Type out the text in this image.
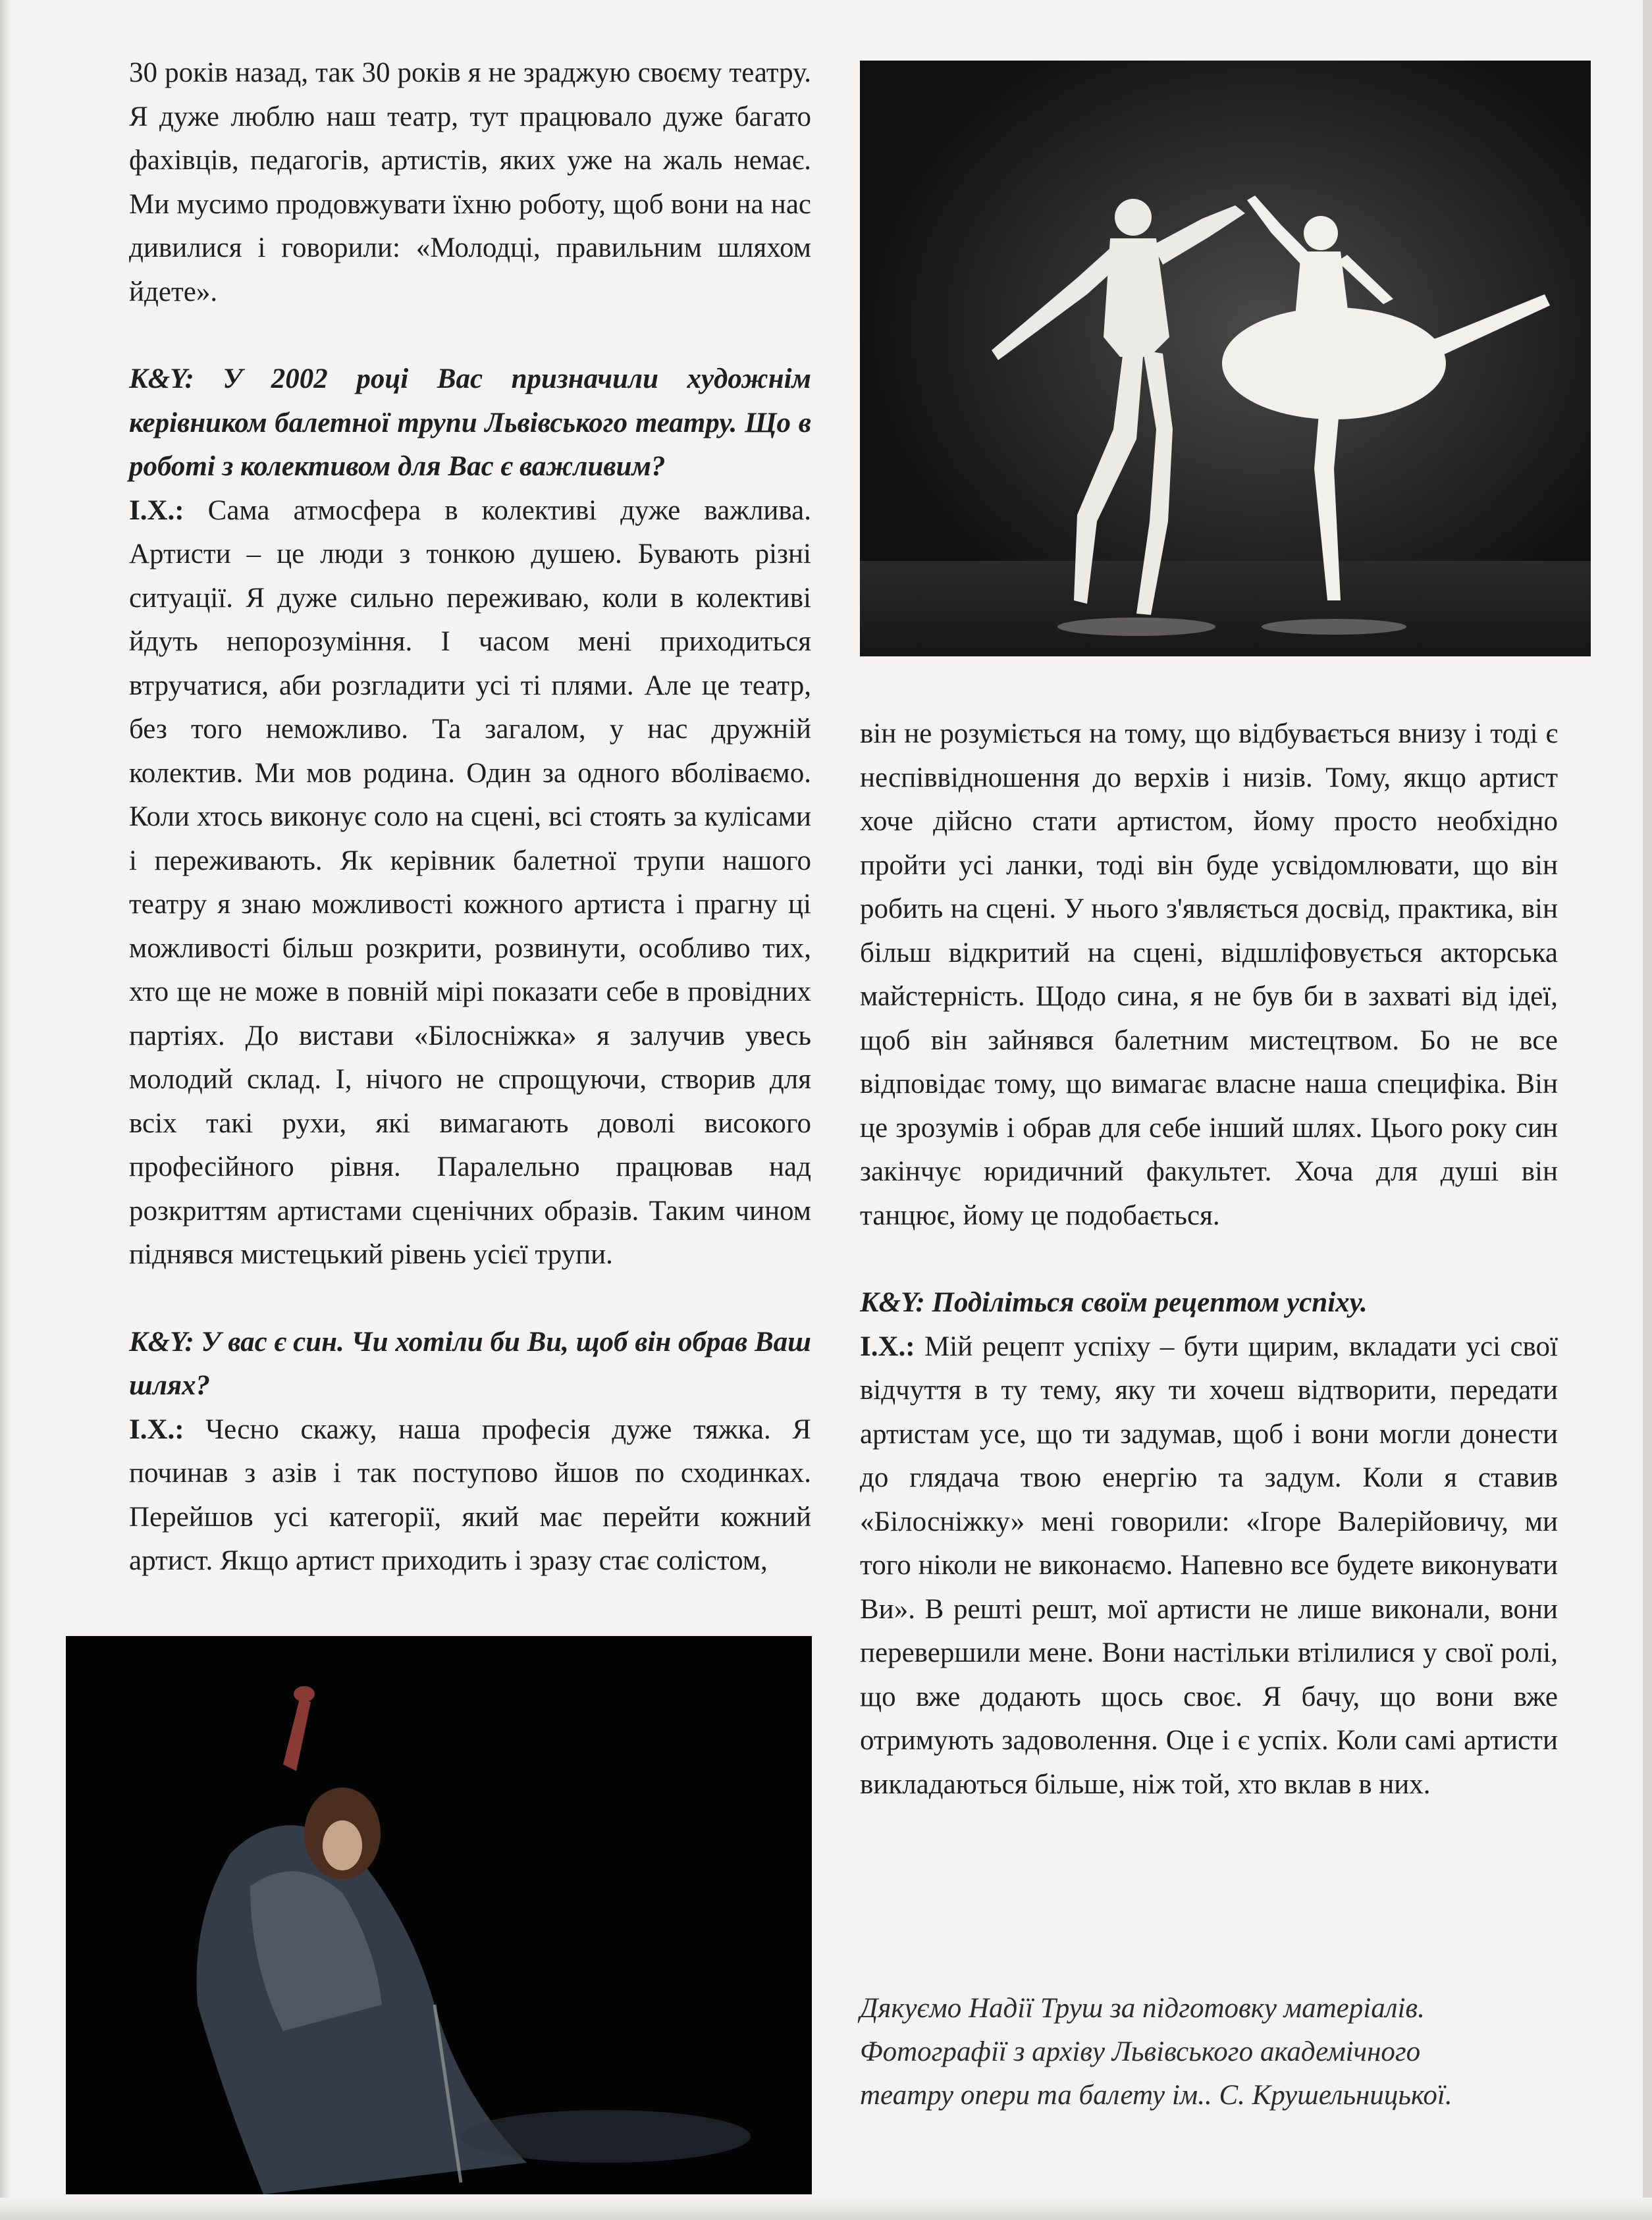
30 років назад, так 30 років я не зраджую своєму театру. Я дуже люблю наш театр, тут працювало дуже багато фахівців, педагогів, артистів, яких уже на жаль немає. Ми мусимо продовжувати їхню роботу, щоб вони на нас дивилися і говорили: «Молодці, правильним шляхом йдете».

K&Y: У 2002 році Вас призначили художнім керівником балетної трупи Львівського театру. Що в роботі з колективом для Вас є важливим?

І.Х.: Сама атмосфера в колективі дуже важлива. Артисти – це люди з тонкою душею. Бувають різні ситуації. Я дуже сильно переживаю, коли в колективі йдуть непорозуміння. І часом мені приходиться втручатися, аби розгладити усі ті плями. Але це театр, без того неможливо. Та загалом, у нас дружній колектив. Ми мов родина. Один за одного вболіваємо. Коли хтось виконує соло на сцені, всі стоять за кулісами і переживають. Як керівник балетної трупи нашого театру я знаю можливості кожного артиста і прагну ці можливості більш розкрити, розвинути, особливо тих, хто ще не може в повній мірі показати себе в провідних партіях. До вистави «Білосніжка» я залучив увесь молодий склад. І, нічого не спрощуючи, створив для всіх такі рухи, які вимагають доволі високого професійного рівня. Паралельно працював над розкриттям артистами сценічних образів. Таким чином піднявся мистецький рівень усієї трупи.

K&Y: У вас є син. Чи хотіли би Ви, щоб він обрав Ваш шлях?

І.Х.: Чесно скажу, наша професія дуже тяжка. Я починав з азів і так поступово йшов по сходинках. Перейшов усі категорії, який має перейти кожний артист. Якщо артист приходить і зразу стає солістом,

він не розуміється на тому, що відбувається внизу і тоді є неспіввідношення до верхів і низів. Тому, якщо артист хоче дійсно стати артистом, йому просто необхідно пройти усі ланки, тоді він буде усвідомлювати, що він робить на сцені. У нього з'являється досвід, практика, він більш відкритий на сцені, відшліфовується акторська майстерність. Щодо сина, я не був би в захваті від ідеї, щоб він зайнявся балетним мистецтвом. Бо не все відповідає тому, що вимагає власне наша специфіка. Він це зрозумів і обрав для себе інший шлях. Цього року син закінчує юридичний факультет. Хоча для душі він танцює, йому це подобається.

K&Y: Поділіться своїм рецептом успіху.

І.Х.: Мій рецепт успіху – бути щирим, вкладати усі свої відчуття в ту тему, яку ти хочеш відтворити, передати артистам усе, що ти задумав, щоб і вони могли донести до глядача твою енергію та задум. Коли я ставив «Білосніжку» мені говорили: «Ігоре Валерійовичу, ми того ніколи не виконаємо. Напевно все будете виконувати Ви». В решті решт, мої артисти не лише виконали, вони перевершили мене. Вони настільки втілилися у свої ролі, що вже додають щось своє. Я бачу, що вони вже отримують задоволення. Оце і є успіх. Коли самі артисти викладаються більше, ніж той, хто вклав в них.

Дякуємо Надії Труш за підготовку матеріалів.

Фотографії з архіву Львівського академічного

театру опери та балету ім.. С. Крушельницької.
